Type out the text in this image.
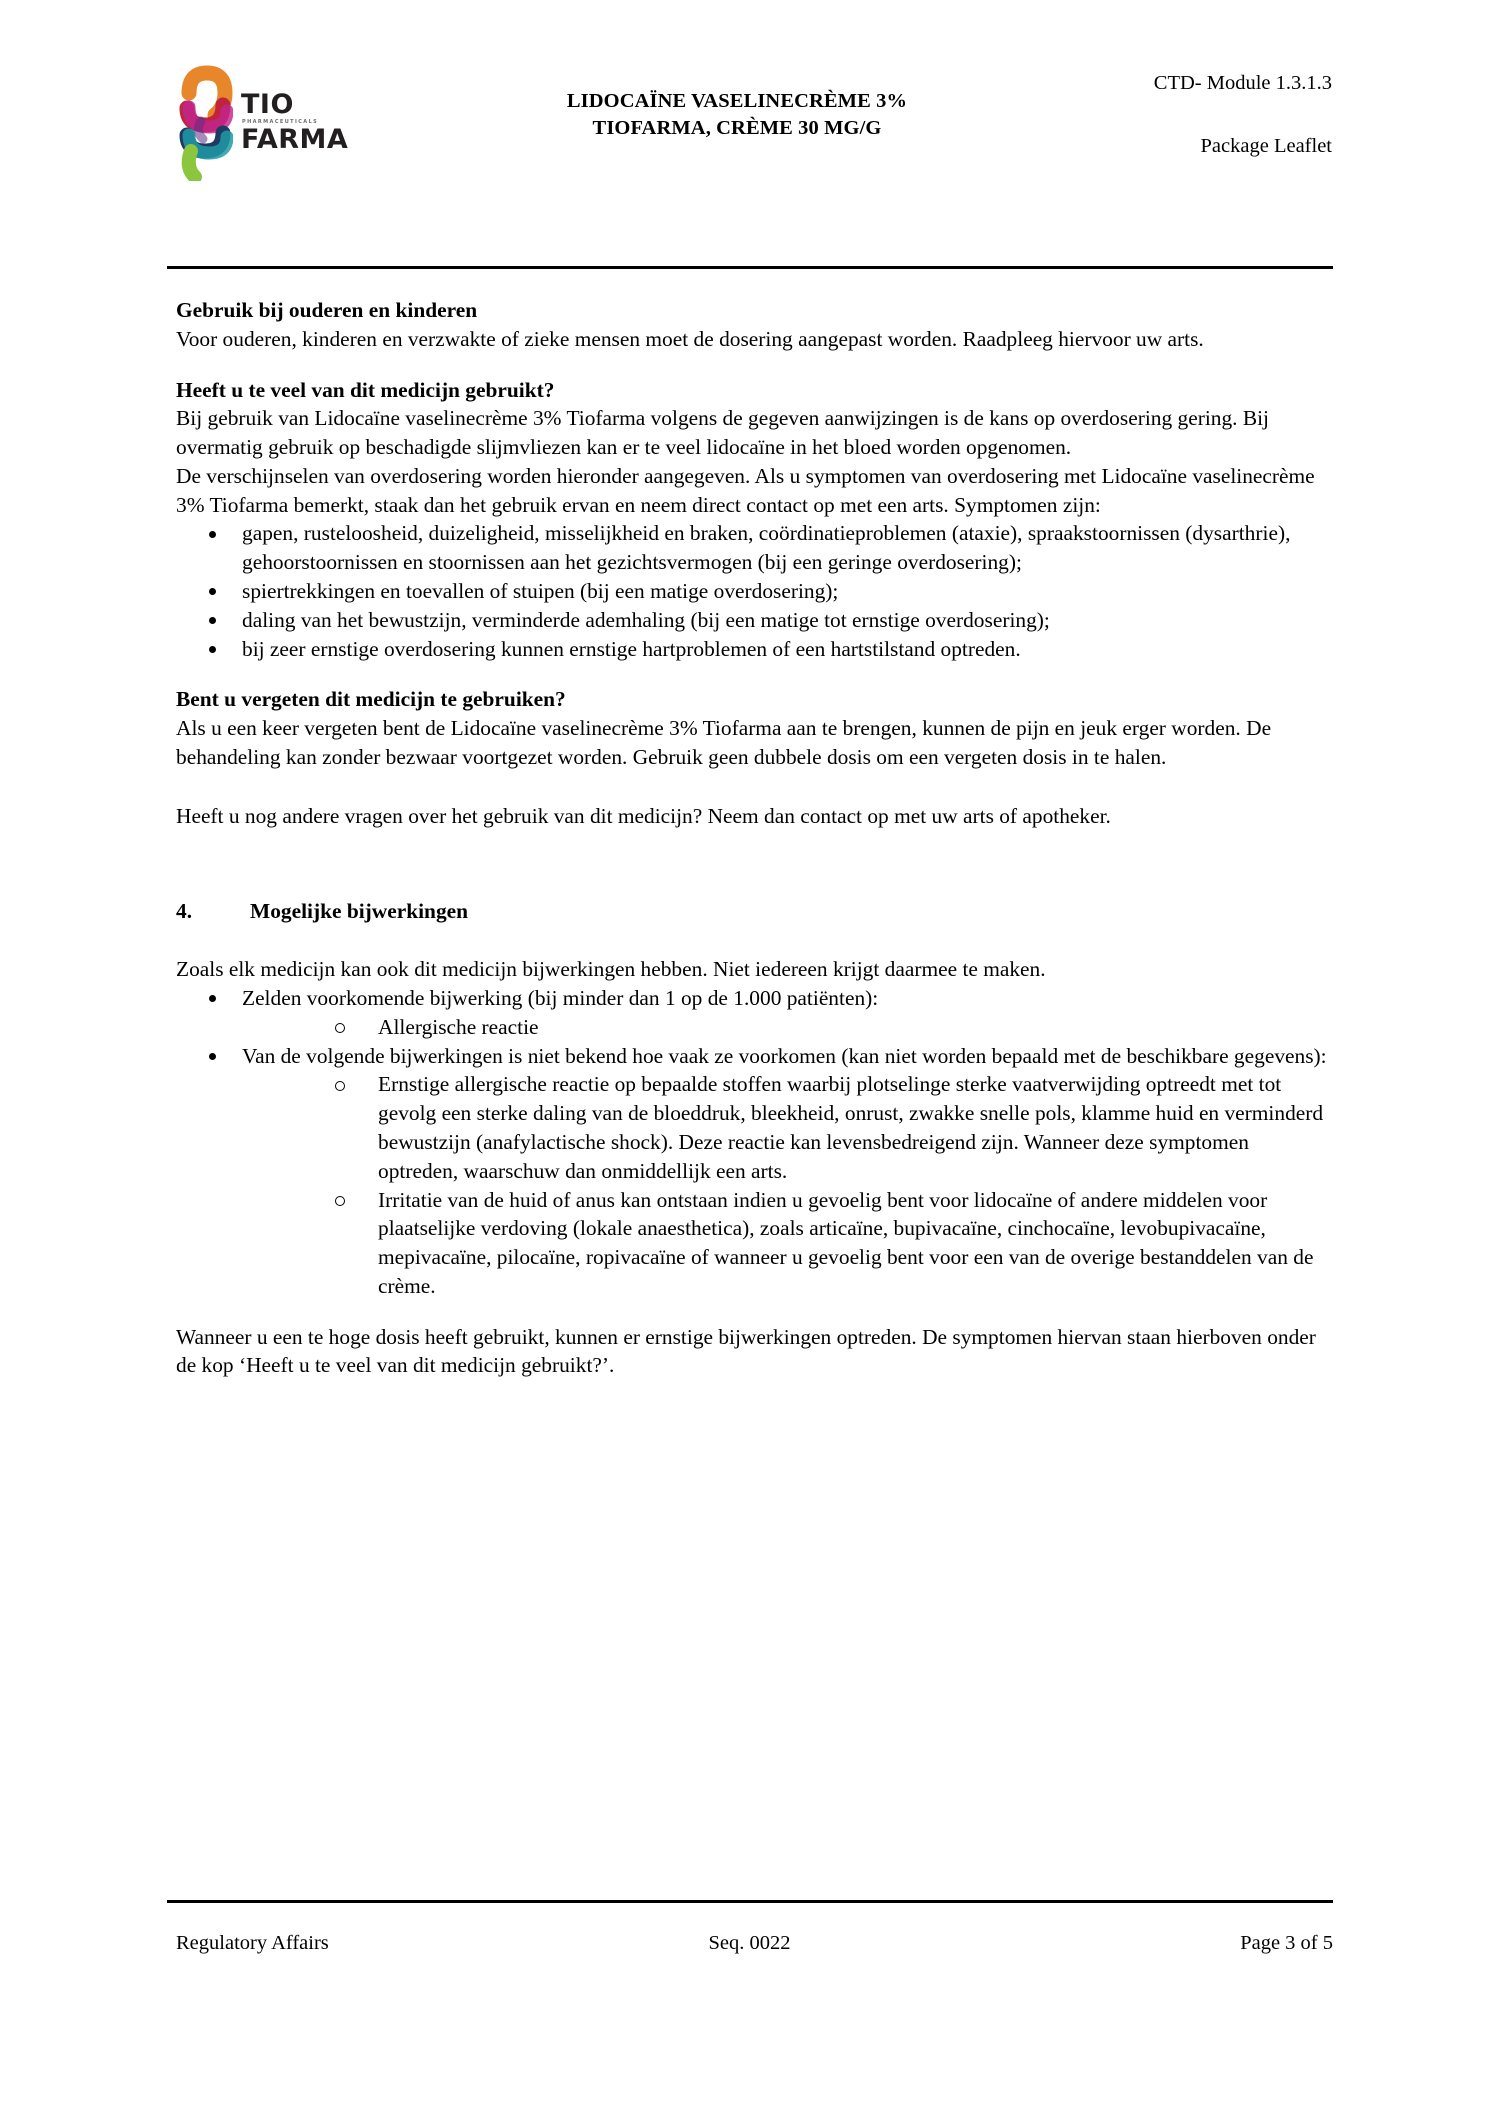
TIO
PHARMACEUTICALS
FARMA
LIDOCAÏNE VASELINECRÈME 3%
TIOFARMA, CRÈME 30 MG/G
CTD- Module 1.3.1.3
Package Leaflet

Gebruik bij ouderen en kinderen

Voor ouderen, kinderen en verzwakte of zieke mensen moet de dosering aangepast worden. Raadpleeg hiervoor uw arts.

Heeft u te veel van dit medicijn gebruikt?

Bij gebruik van Lidocaïne vaselinecrème 3% Tiofarma volgens de gegeven aanwijzingen is de kans op overdosering gering. Bij overmatig gebruik op beschadigde slijmvliezen kan er te veel lidocaïne in het bloed worden opgenomen.

De verschijnselen van overdosering worden hieronder aangegeven. Als u symptomen van overdosering met Lidocaïne vaselinecrème 3% Tiofarma bemerkt, staak dan het gebruik ervan en neem direct contact op met een arts. Symptomen zijn:

gapen, rusteloosheid, duizeligheid, misselijkheid en braken, coördinatieproblemen (ataxie), spraakstoornissen (dysarthrie), gehoorstoornissen en stoornissen aan het gezichtsvermogen (bij een geringe overdosering);
spiertrekkingen en toevallen of stuipen (bij een matige overdosering);
daling van het bewustzijn, verminderde ademhaling (bij een matige tot ernstige overdosering);
bij zeer ernstige overdosering kunnen ernstige hartproblemen of een hartstilstand optreden.

Bent u vergeten dit medicijn te gebruiken?

Als u een keer vergeten bent de Lidocaïne vaselinecrème 3% Tiofarma aan te brengen, kunnen de pijn en jeuk erger worden. De behandeling kan zonder bezwaar voortgezet worden. Gebruik geen dubbele dosis om een vergeten dosis in te halen.

Heeft u nog andere vragen over het gebruik van dit medicijn? Neem dan contact op met uw arts of apotheker.

4.	Mogelijke bijwerkingen

Zoals elk medicijn kan ook dit medicijn bijwerkingen hebben. Niet iedereen krijgt daarmee te maken.

Zelden voorkomende bijwerking (bij minder dan 1 op de 1.000 patiënten):
Allergische reactie
Van de volgende bijwerkingen is niet bekend hoe vaak ze voorkomen (kan niet worden bepaald met de beschikbare gegevens):
Ernstige allergische reactie op bepaalde stoffen waarbij plotselinge sterke vaatverwijding optreedt met tot gevolg een sterke daling van de bloeddruk, bleekheid, onrust, zwakke snelle pols, klamme huid en verminderd bewustzijn (anafylactische shock). Deze reactie kan levensbedreigend zijn. Wanneer deze symptomen optreden, waarschuw dan onmiddellijk een arts.
Irritatie van de huid of anus kan ontstaan indien u gevoelig bent voor lidocaïne of andere middelen voor plaatselijke verdoving (lokale anaesthetica), zoals articaïne, bupivacaïne, cinchocaïne, levobupivacaïne, mepivacaïne, pilocaïne, ropivacaïne of wanneer u gevoelig bent voor een van de overige bestanddelen van de crème.

Wanneer u een te hoge dosis heeft gebruikt, kunnen er ernstige bijwerkingen optreden. De symptomen hiervan staan hierboven onder de kop ‘Heeft u te veel van dit medicijn gebruikt?’.

Regulatory Affairs	Seq. 0022	Page 3 of 5
